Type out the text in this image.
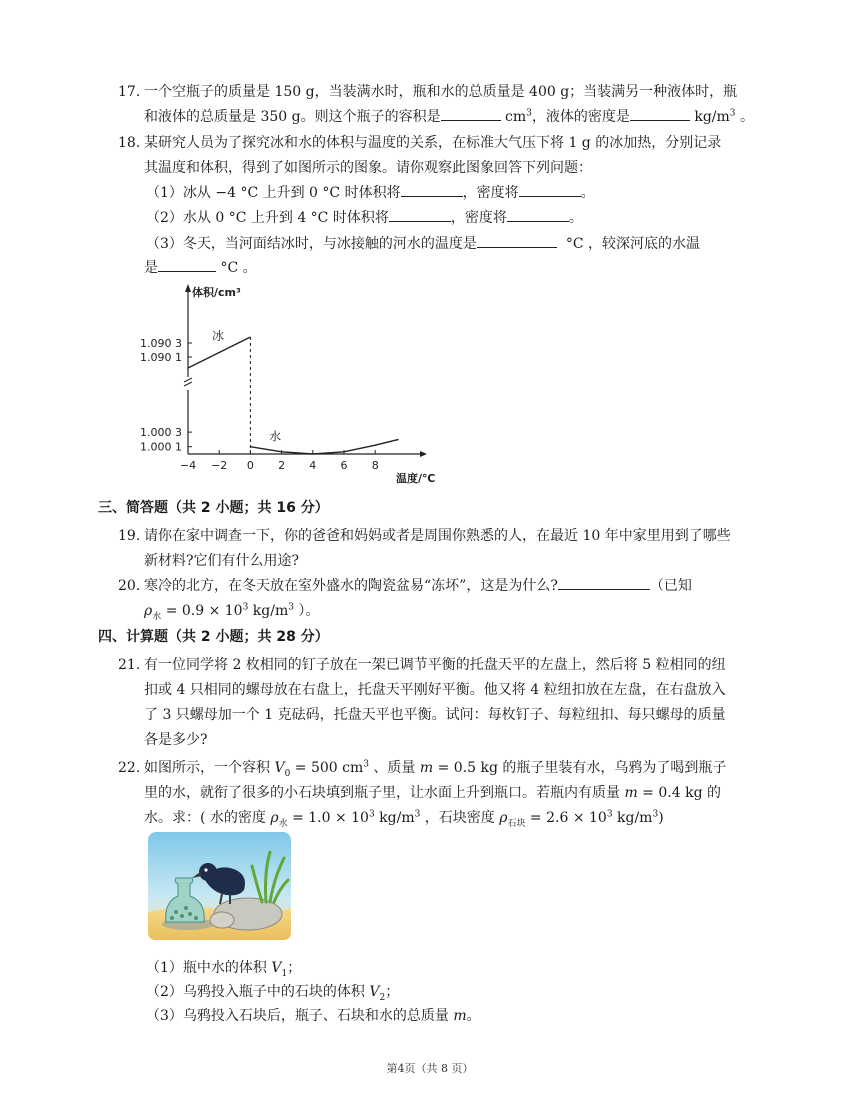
17. 一个空瓶子的质量是 150 g，当装满水时，瓶和水的总质量是 400 g；当装满另一种液体时，瓶
和液体的总质量是 350 g。则这个瓶子的容积是	$cm^3$，液体的密度是	$kg/m^3$ 。
18. 某研究人员为了探究冰和水的体积与温度的关系，在标准大气压下将 1 g 的冰加热，分别记录
其温度和体积，得到了如图所示的图象。请你观察此图象回答下列问题：
（1）冰从 −4 °C 上升到 0 °C 时体积将	，密度将	。
（2）水从 0 °C 上升到 4 °C 时体积将	，密度将	。
（3）冬天，当河面结冰时，与冰接触的河水的温度是	°C ，较深河底的水温
是	°C 。
−4 −2 0 2 4 6 8
1.090 3
1.090 1
1.000 3
1.000 1
体积/cm³
温度/℃
冰
水
三、简答题（共 2 小题；共 16 分）
19. 请你在家中调查一下，你的爸爸和妈妈或者是周围你熟悉的人，在最近 10 年中家里用到了哪些
新材料?它们有什么用途?
20. 寒冷的北方，在冬天放在室外盛水的陶瓷盆易“冻坏”，这是为什么?	（已知
$\rho_水 = 0.9 \times 10^3$ $kg/m^3$ ）。
四、计算题（共 2 小题；共 28 分）
21. 有一位同学将 2 枚相同的钉子放在一架已调节平衡的托盘天平的左盘上，然后将 5 粒相同的纽
扣或 4 只相同的螺母放在右盘上，托盘天平刚好平衡。他又将 4 粒纽扣放在左盘，在右盘放入
了 3 只螺母加一个 1 克砝码，托盘天平也平衡。试问：每枚钉子、每粒纽扣、每只螺母的质量
各是多少?
22. 如图所示，一个容积 $V_0 = 500$ $cm^3$ 、质量 m = 0.5 kg 的瓶子里装有水，乌鸦为了喝到瓶子
里的水，就衔了很多的小石块填到瓶子里，让水面上升到瓶口。若瓶内有质量 m = 0.4 kg 的
水。求：( 水的密度 $\rho_水 = 1.0 \times 10^3$ $kg/m^3$ ，石块密度 $\rho_{石块} = 2.6 \times 10^3$ $kg/m^3$)
（1）瓶中水的体积 $V_1$；
（2）乌鸦投入瓶子中的石块的体积 $V_2$；
（3）乌鸦投入石块后，瓶子、石块和水的总质量 m。
第4页（共 8 页）
